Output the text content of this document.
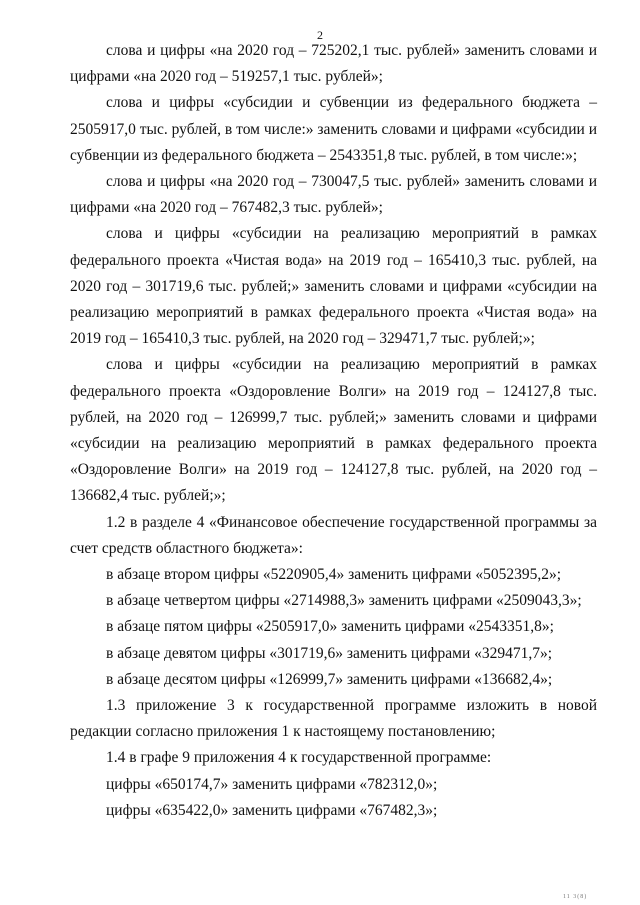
2

слова и цифры «на 2020 год – 725202,1 тыс. рублей» заменить словами и цифрами «на 2020 год – 519257,1 тыс. рублей»;

слова и цифры «субсидии и субвенции из федерального бюджета – 2505917,0 тыс. рублей, в том числе:» заменить словами и цифрами «субсидии и субвенции из федерального бюджета – 2543351,8 тыс. рублей, в том числе:»;

слова и цифры «на 2020 год – 730047,5 тыс. рублей» заменить словами и цифрами «на 2020 год – 767482,3 тыс. рублей»;

слова и цифры «субсидии на реализацию мероприятий в рамках федерального проекта «Чистая вода» на 2019 год – 165410,3 тыс. рублей, на 2020 год – 301719,6 тыс. рублей;» заменить словами и цифрами «субсидии на реализацию мероприятий в рамках федерального проекта «Чистая вода» на 2019 год – 165410,3 тыс. рублей, на 2020 год – 329471,7 тыс. рублей;»;

слова и цифры «субсидии на реализацию мероприятий в рамках федерального проекта «Оздоровление Волги» на 2019 год – 124127,8 тыс. рублей, на 2020 год – 126999,7 тыс. рублей;» заменить словами и цифрами «субсидии на реализацию мероприятий в рамках федерального проекта «Оздоровление Волги» на 2019 год – 124127,8 тыс. рублей, на 2020 год – 136682,4 тыс. рублей;»;

1.2 в разделе 4 «Финансовое обеспечение государственной программы за счет средств областного бюджета»:

в абзаце втором цифры «5220905,4» заменить цифрами «5052395,2»;

в абзаце четвертом цифры «2714988,3» заменить цифрами «2509043,3»;

в абзаце пятом цифры «2505917,0» заменить цифрами «2543351,8»;

в абзаце девятом цифры «301719,6» заменить цифрами «329471,7»;

в абзаце десятом цифры «126999,7» заменить цифрами «136682,4»;

1.3 приложение 3 к государственной программе изложить в новой редакции согласно приложения 1 к настоящему постановлению;

1.4 в графе 9 приложения 4 к государственной программе:

цифры «650174,7» заменить цифрами «782312,0»;

цифры «635422,0» заменить цифрами «767482,3»;

11 3(8)
